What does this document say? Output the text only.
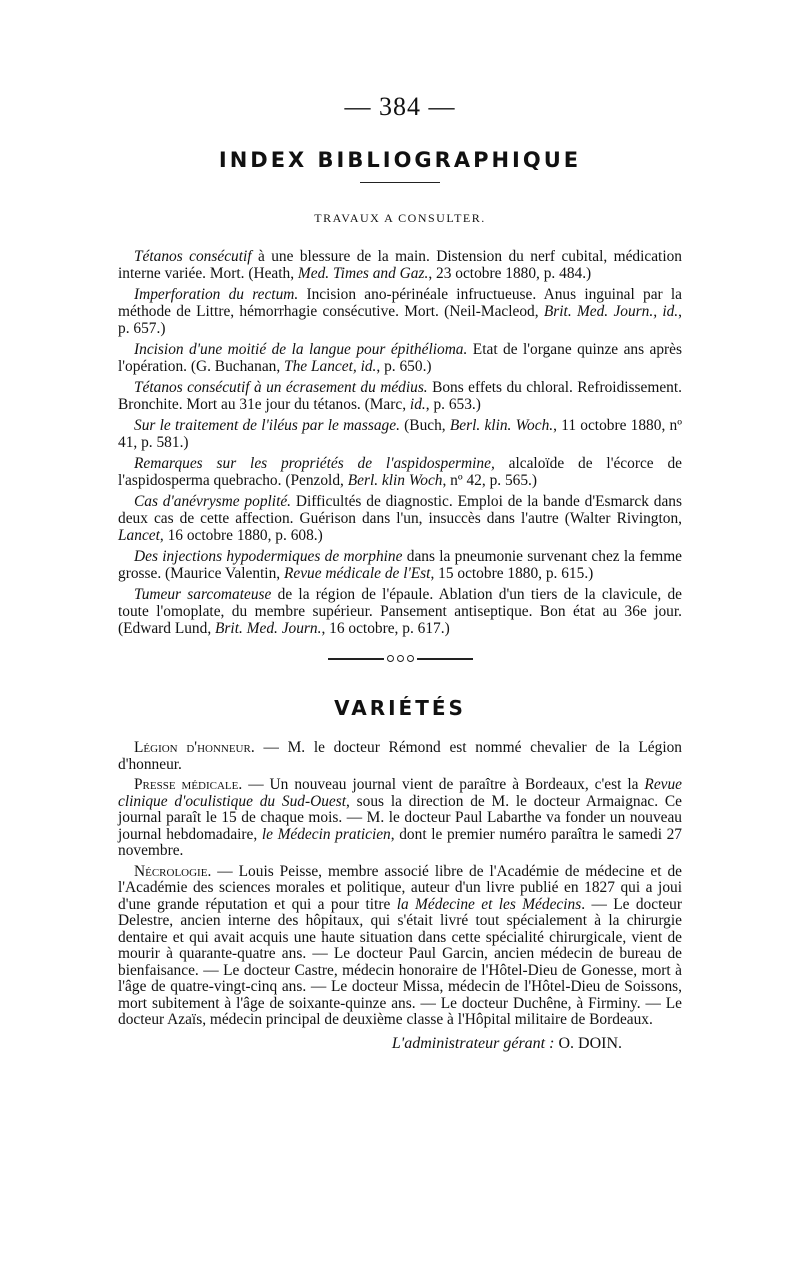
— 384 —
INDEX BIBLIOGRAPHIQUE
TRAVAUX A CONSULTER.

Tétanos consécutif à une blessure de la main. Distension du nerf cubital, médication interne variée. Mort. (Heath, Med. Times and Gaz., 23 octobre 1880, p. 484.)

Imperforation du rectum. Incision ano-périnéale infructueuse. Anus inguinal par la méthode de Littre, hémorrhagie consécutive. Mort. (Neil-Macleod, Brit. Med. Journ., id., p. 657.)

Incision d'une moitié de la langue pour épithélioma. Etat de l'organe quinze ans après l'opération. (G. Buchanan, The Lancet, id., p. 650.)

Tétanos consécutif à un écrasement du médius. Bons effets du chloral. Refroidissement. Bronchite. Mort au 31e jour du tétanos. (Marc, id., p. 653.)

Sur le traitement de l'iléus par le massage. (Buch, Berl. klin. Woch., 11 octobre 1880, nº 41, p. 581.)

Remarques sur les propriétés de l'aspidospermine, alcaloïde de l'écorce de l'aspidosperma quebracho. (Penzold, Berl. klin Woch, nº 42, p. 565.)

Cas d'anévrysme poplité. Difficultés de diagnostic. Emploi de la bande d'Esmarck dans deux cas de cette affection. Guérison dans l'un, insuccès dans l'autre (Walter Rivington, Lancet, 16 octobre 1880, p. 608.)

Des injections hypodermiques de morphine dans la pneumonie survenant chez la femme grosse. (Maurice Valentin, Revue médicale de l'Est, 15 octobre 1880, p. 615.)

Tumeur sarcomateuse de la région de l'épaule. Ablation d'un tiers de la clavicule, de toute l'omoplate, du membre supérieur. Pansement antiseptique. Bon état au 36e jour. (Edward Lund, Brit. Med. Journ., 16 octobre, p. 617.)

VARIÉTÉS

Légion d'honneur. — M. le docteur Rémond est nommé chevalier de la Légion d'honneur.

Presse médicale. — Un nouveau journal vient de paraître à Bordeaux, c'est la Revue clinique d'oculistique du Sud-Ouest, sous la direction de M. le docteur Armaignac. Ce journal paraît le 15 de chaque mois. — M. le docteur Paul Labarthe va fonder un nouveau journal hebdomadaire, le Médecin praticien, dont le premier numéro paraîtra le samedi 27 novembre.

Nécrologie. — Louis Peisse, membre associé libre de l'Académie de médecine et de l'Académie des sciences morales et politique, auteur d'un livre publié en 1827 qui a joui d'une grande réputation et qui a pour titre la Médecine et les Médecins. — Le docteur Delestre, ancien interne des hôpitaux, qui s'était livré tout spécialement à la chirurgie dentaire et qui avait acquis une haute situation dans cette spécialité chirurgicale, vient de mourir à quarante-quatre ans. — Le docteur Paul Garcin, ancien médecin de bureau de bienfaisance. — Le docteur Castre, médecin honoraire de l'Hôtel-Dieu de Gonesse, mort à l'âge de quatre-vingt-cinq ans. — Le docteur Missa, médecin de l'Hôtel-Dieu de Soissons, mort subitement à l'âge de soixante-quinze ans. — Le docteur Duchêne, à Firminy. — Le docteur Azaïs, médecin principal de deuxième classe à l'Hôpital militaire de Bordeaux.

L'administrateur gérant : O. DOIN.
